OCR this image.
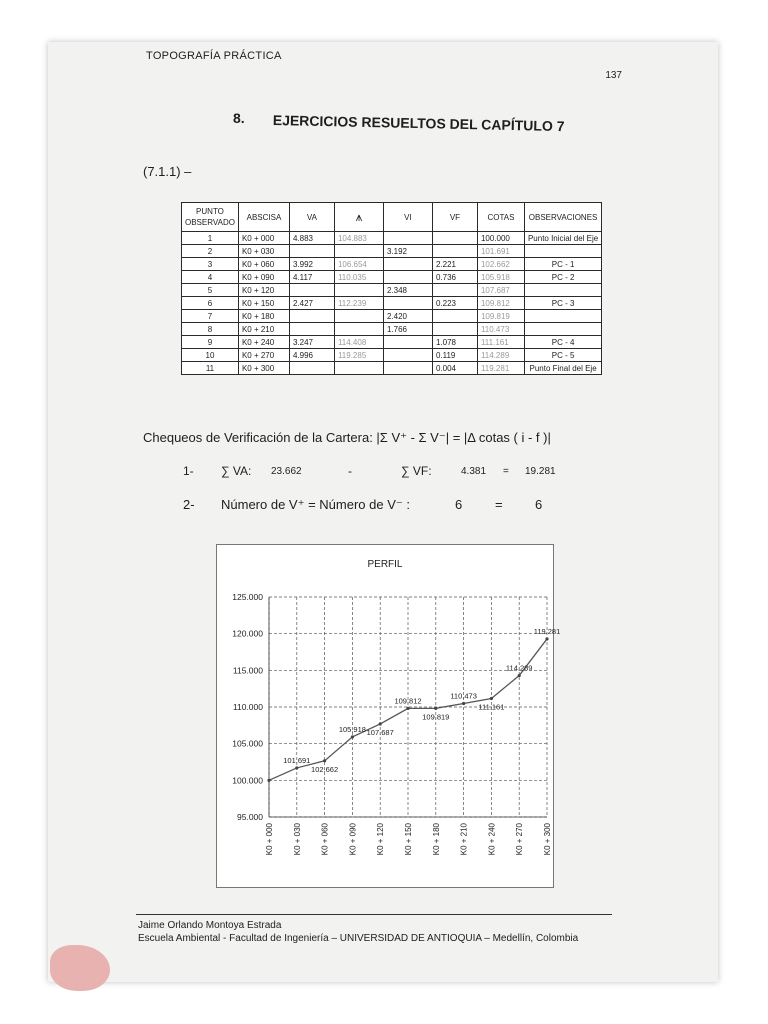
TOPOGRAFÍA PRÁCTICA
137
8. EJERCICIOS RESUELTOS DEL CAPÍTULO 7
(7.1.1) –
PUNTO OBSERVADO	ABSCISA	VA	⩚	VI	VF	COTAS	OBSERVACIONES
1	K0 + 000	4.883	104.883			100.000	Punto Inicial del Eje
2	K0 + 030			3.192		101.691	
3	K0 + 060	3.992	106.654		2.221	102.662	PC - 1
4	K0 + 090	4.117	110.035		0.736	105.918	PC - 2
5	K0 + 120			2.348		107.687	
6	K0 + 150	2.427	112.239		0.223	109.812	PC - 3
7	K0 + 180			2.420		109.819	
8	K0 + 210			1.766		110.473	
9	K0 + 240	3.247	114.408		1.078	111.161	PC - 4
10	K0 + 270	4.996	119.285		0.119	114.289	PC - 5
11	K0 + 300				0.004	119.281	Punto Final del Eje
Chequeos de Verificación de la Cartera: |Σ V⁺ - Σ V⁻| = |Δ cotas ( i - f )|
1- ∑ VA: 23.662	-	∑ VF:	4.381 = 19.281
2- Número de V⁺ = Número de V⁻ :	6	= 6
PERFIL
95.000
100.000
105.000
110.000
115.000
120.000
125.000
K0 + 000 K0 + 030 K0 + 060 K0 + 090 K0 + 120 K0 + 150 K0 + 180 K0 + 210 K0 + 240 K0 + 270 K0 + 300
101.691
102.662
105.918 107.687
109.812
109.819
110.473
111.161
114.289
119.281
Jaime Orlando Montoya Estrada
Escuela Ambiental - Facultad de Ingeniería – UNIVERSIDAD DE ANTIOQUIA – Medellín, Colombia
